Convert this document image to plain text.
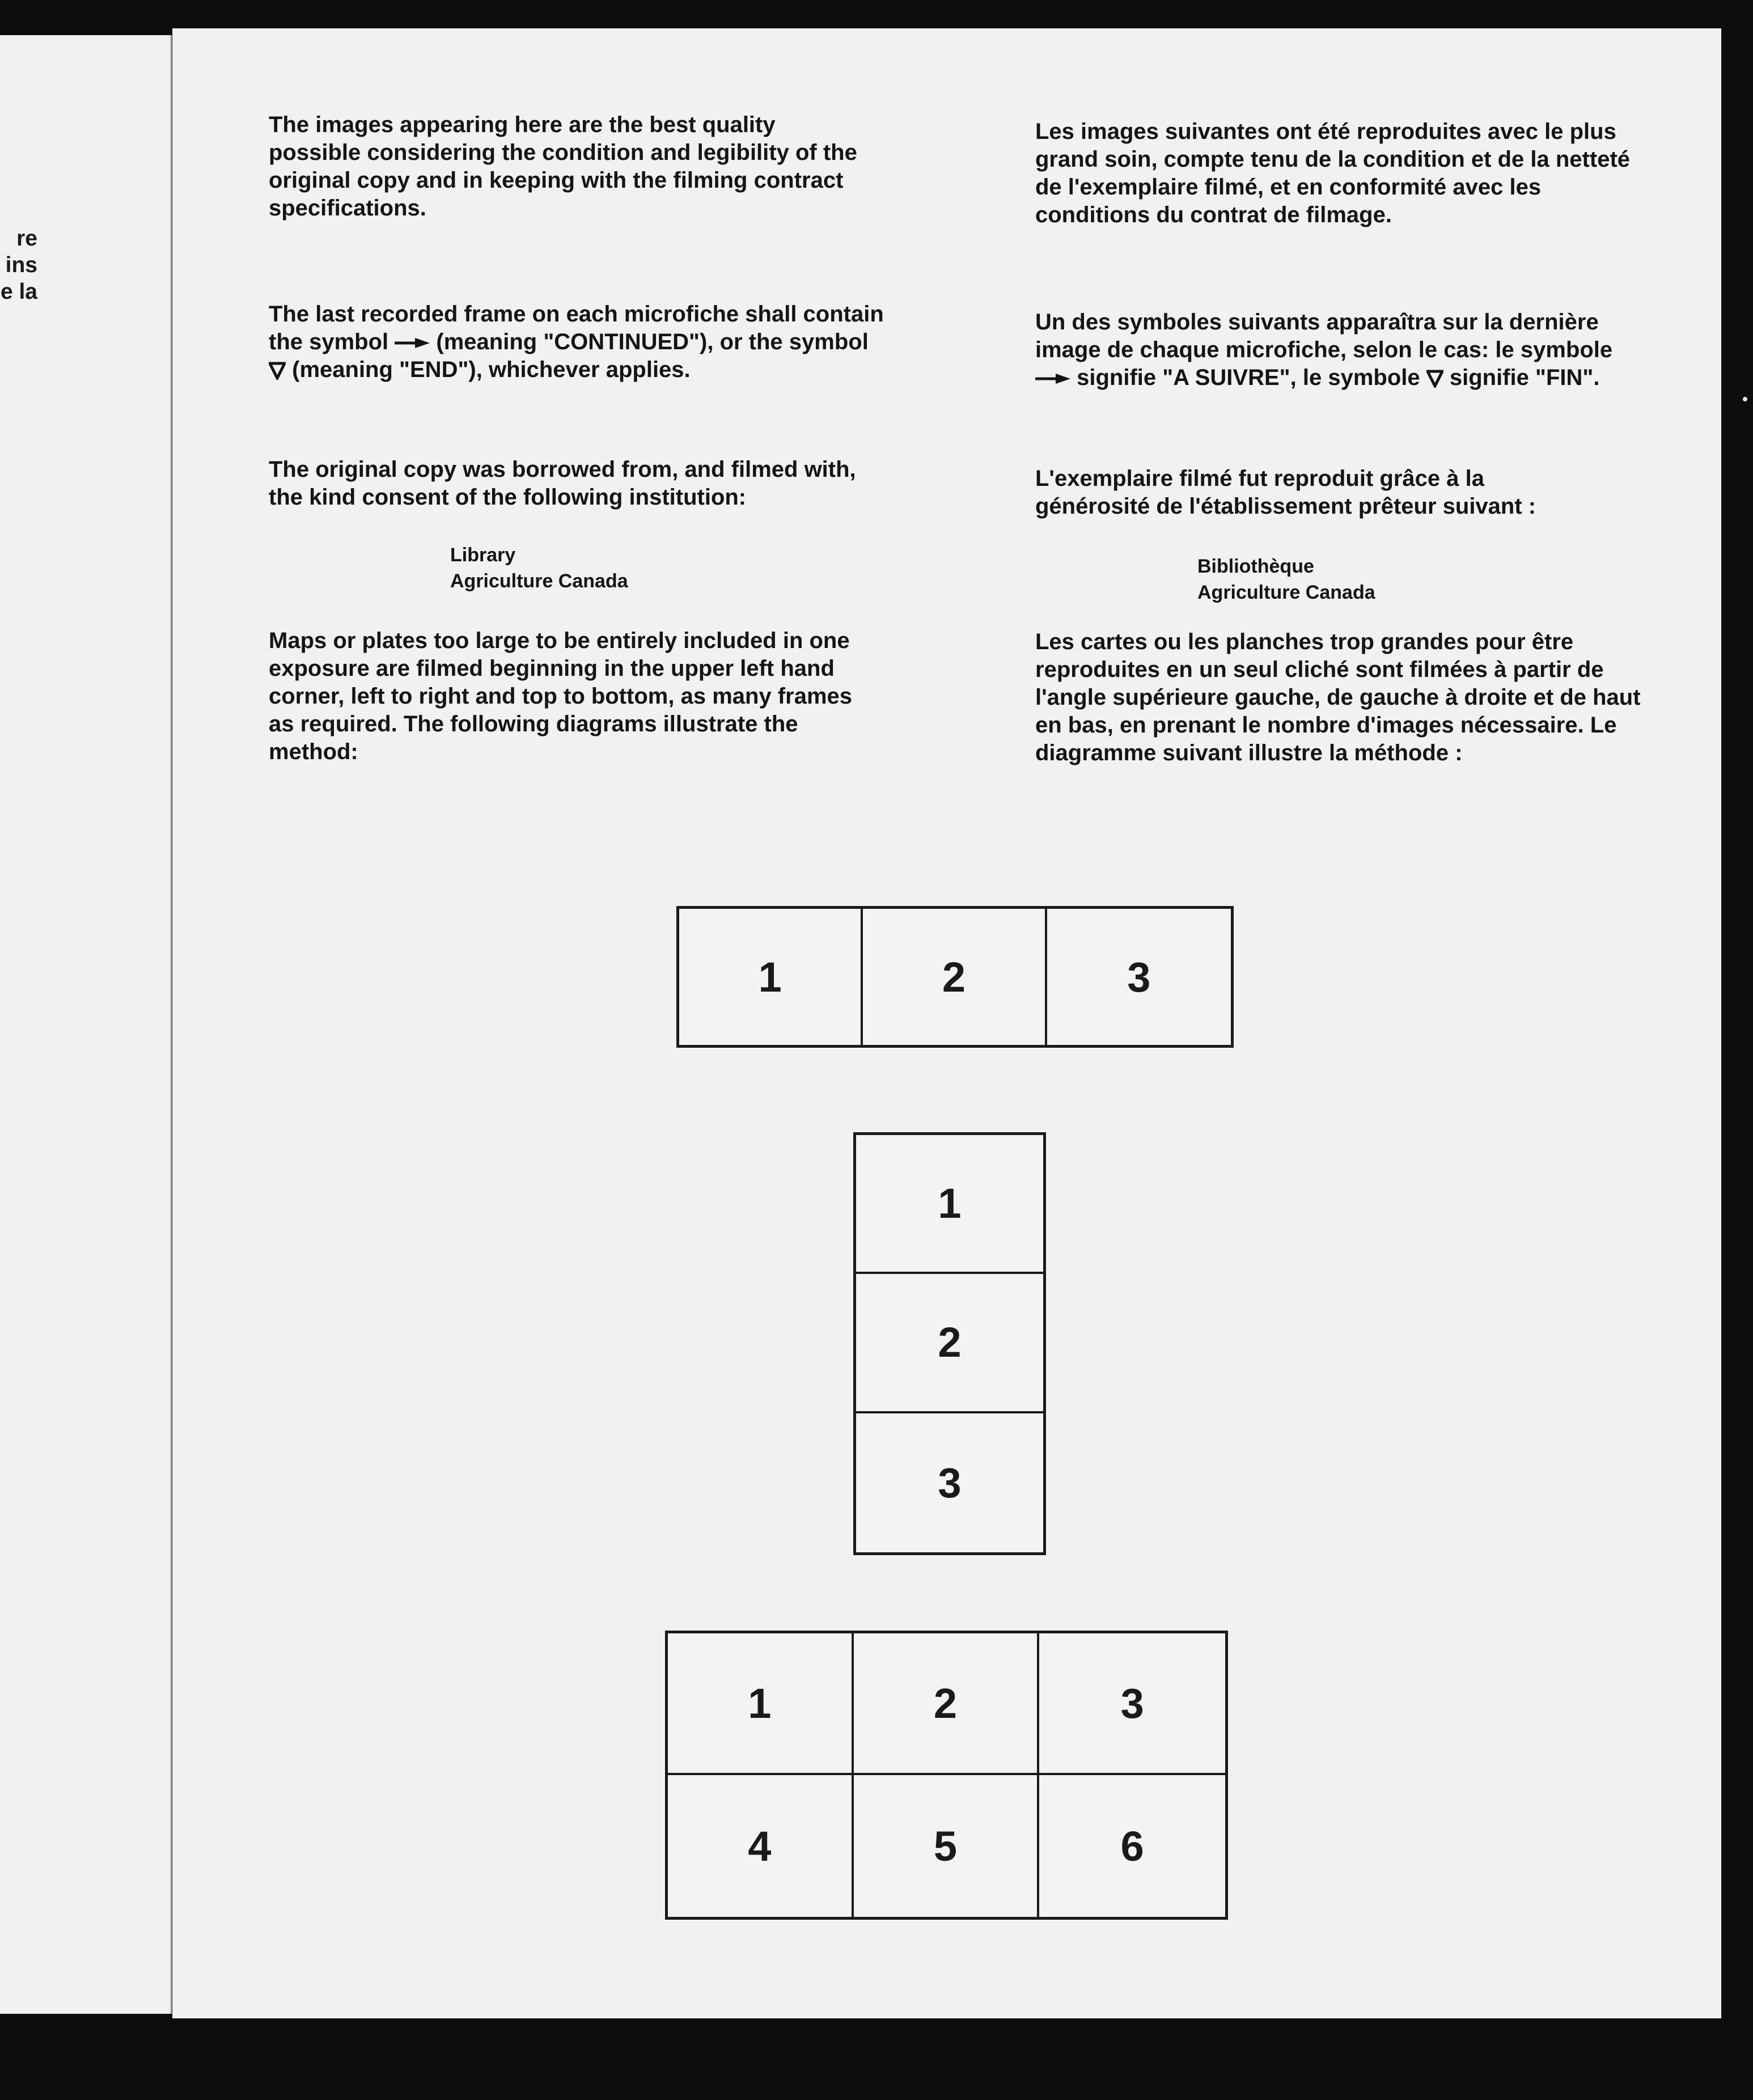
re
ins
e la

The images appearing here are the best quality possible considering the condition and legibility of the original copy and in keeping with the filming contract specifications.

The last recorded frame on each microfiche shall contain the symbol (meaning "CONTINUED"), or the symbol  (meaning "END"), whichever applies.

The original copy was borrowed from, and filmed with, the kind consent of the following institution:

Library
Agriculture Canada

Maps or plates too large to be entirely included in one exposure are filmed beginning in the upper left hand corner, left to right and top to bottom, as many frames as required. The following diagrams illustrate the method:

Les images suivantes ont été reproduites avec le plus grand soin, compte tenu de la condition et de la netteté de l'exemplaire filmé, et en conformité avec les conditions du contrat de filmage.

Un des symboles suivants apparaîtra sur la dernière image de chaque microfiche, selon le cas: le symbole  signifie "A SUIVRE", le symbole signifie "FIN".

L'exemplaire filmé fut reproduit grâce à la générosité de l'établissement prêteur suivant :

Bibliothèque
Agriculture Canada

Les cartes ou les planches trop grandes pour être reproduites en un seul cliché sont filmées à partir de l'angle supérieure gauche, de gauche à droite et de haut en bas, en prenant le nombre d'images nécessaire. Le diagramme suivant illustre la méthode :

1	2	3
1
2
3
1	2	3
4	5	6
